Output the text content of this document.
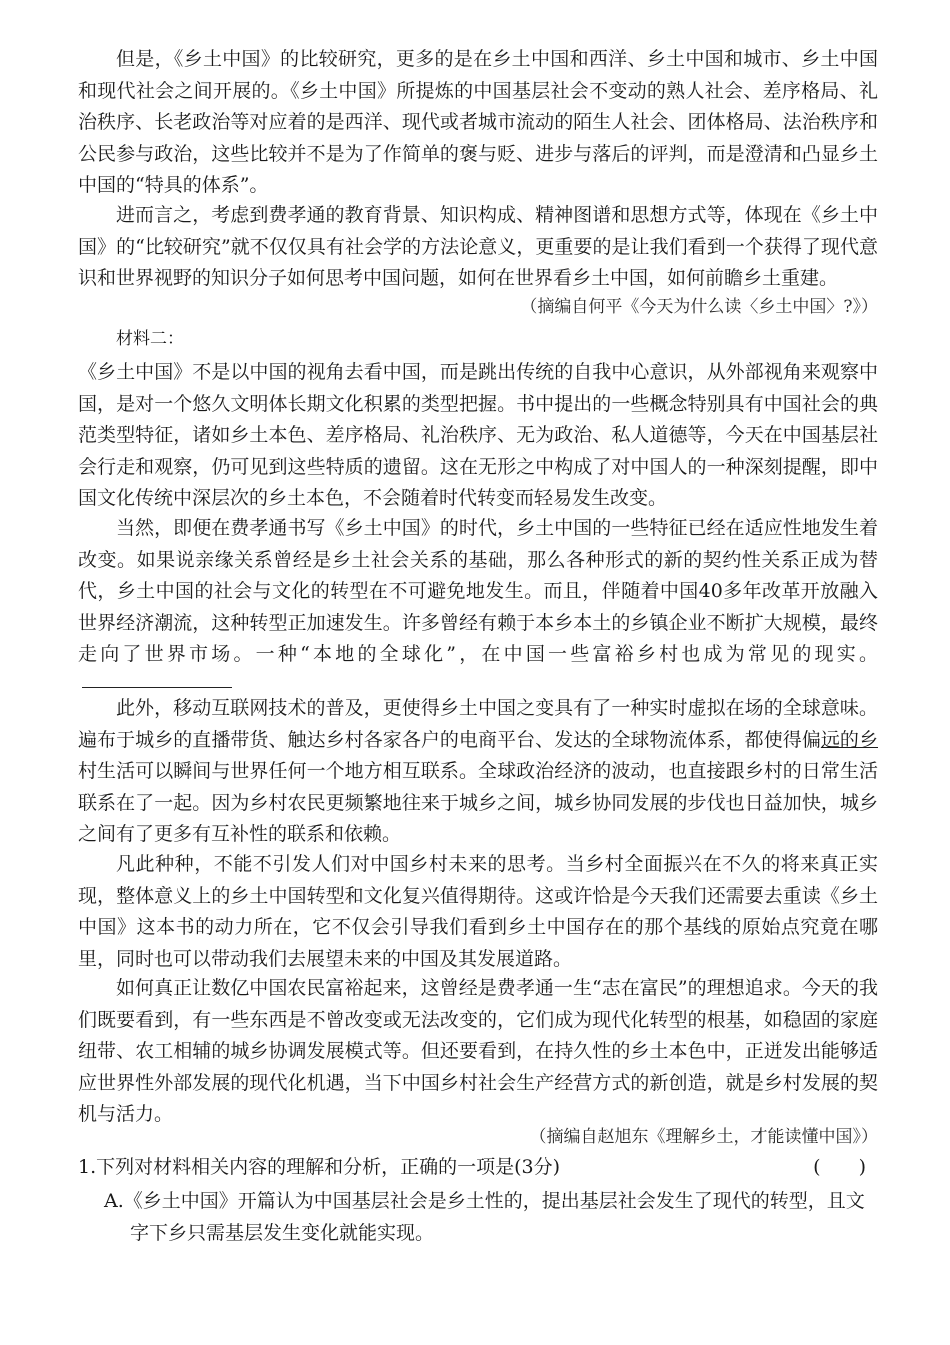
但是，《乡土中国》的比较研究，更多的是在乡土中国和西洋、乡土中国和城市、乡土中国和现代社会之间开展的。《乡土中国》所提炼的中国基层社会不变动的熟人社会、差序格局、礼治秩序、长老政治等对应着的是西洋、现代或者城市流动的陌生人社会、团体格局、法治秩序和公民参与政治，这些比较并不是为了作简单的褒与贬、进步与落后的评判，而是澄清和凸显乡土中国的“特具的体系”。

进而言之，考虑到费孝通的教育背景、知识构成、精神图谱和思想方式等，体现在《乡土中国》的“比较研究”就不仅仅具有社会学的方法论意义，更重要的是让我们看到一个获得了现代意识和世界视野的知识分子如何思考中国问题，如何在世界看乡土中国，如何前瞻乡土重建。

（摘编自何平《今天为什么读〈乡土中国〉?》）
材料二：

《乡土中国》不是以中国的视角去看中国，而是跳出传统的自我中心意识，从外部视角来观察中国，是对一个悠久文明体长期文化积累的类型把握。书中提出的一些概念特别具有中国社会的典范类型特征，诸如乡土本色、差序格局、礼治秩序、无为政治、私人道德等，今天在中国基层社会行走和观察，仍可见到这些特质的遗留。这在无形之中构成了对中国人的一种深刻提醒，即中国文化传统中深层次的乡土本色，不会随着时代转变而轻易发生改变。

当然，即便在费孝通书写《乡土中国》的时代，乡土中国的一些特征已经在适应性地发生着改变。如果说亲缘关系曾经是乡土社会关系的基础，那么各种形式的新的契约性关系正成为替代，乡土中国的社会与文化的转型在不可避免地发生。而且，伴随着中国40多年改革开放融入世界经济潮流，这种转型正加速发生。许多曾经有赖于本乡本土的乡镇企业不断扩大规模，最终走向了世界市场。一种“本地的全球化”，在中国一些富裕乡村也成为常见的现实。

此外，移动互联网技术的普及，更使得乡土中国之变具有了一种实时虚拟在场的全球意味。遍布于城乡的直播带货、触达乡村各家各户的电商平台、发达的全球物流体系，都使得偏远的乡村生活可以瞬间与世界任何一个地方相互联系。全球政治经济的波动，也直接跟乡村的日常生活联系在了一起。因为乡村农民更频繁地往来于城乡之间，城乡协同发展的步伐也日益加快，城乡之间有了更多有互补性的联系和依赖。

凡此种种，不能不引发人们对中国乡村未来的思考。当乡村全面振兴在不久的将来真正实现，整体意义上的乡土中国转型和文化复兴值得期待。这或许恰是今天我们还需要去重读《乡土中国》这本书的动力所在，它不仅会引导我们看到乡土中国存在的那个基线的原始点究竟在哪里，同时也可以带动我们去展望未来的中国及其发展道路。

如何真正让数亿中国农民富裕起来，这曾经是费孝通一生“志在富民”的理想追求。今天的我们既要看到，有一些东西是不曾改变或无法改变的，它们成为现代化转型的根基，如稳固的家庭纽带、农工相辅的城乡协调发展模式等。但还要看到，在持久性的乡土本色中，正迸发出能够适应世界性外部发展的现代化机遇，当下中国乡村社会生产经营方式的新创造，就是乡村发展的契机与活力。

（摘编自赵旭东《理解乡土，才能读懂中国》）
1.下列对材料相关内容的理解和分析，正确的一项是(3分)	(　　)

A.《乡土中国》开篇认为中国基层社会是乡土性的，提出基层社会发生了现代的转型，且文字下乡只需基层发生变化就能实现。
